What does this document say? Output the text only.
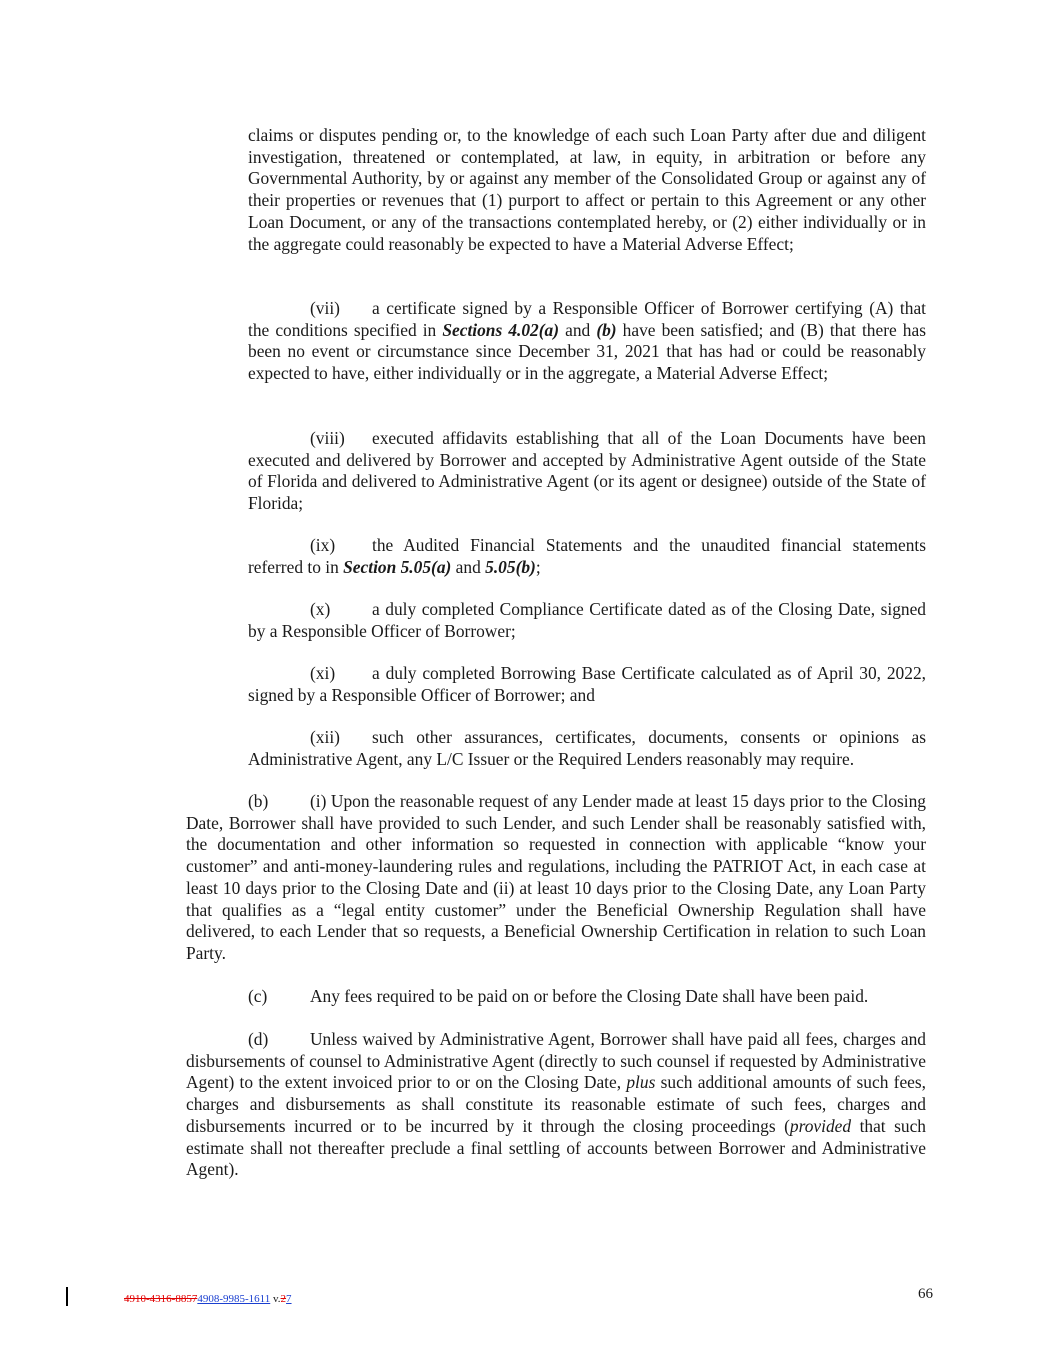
claims or disputes pending or, to the knowledge of each such Loan Party after due and diligent investigation, threatened or contemplated, at law, in equity, in arbitration or before any Governmental Authority, by or against any member of the Consolidated Group or against any of their properties or revenues that (1) purport to affect or pertain to this Agreement or any other Loan Document, or any of the transactions contemplated hereby, or (2) either individually or in the aggregate could reasonably be expected to have a Material Adverse Effect;

(vii) a certificate signed by a Responsible Officer of Borrower certifying (A) that the conditions specified in Sections 4.02(a) and (b) have been satisfied; and (B) that there has been no event or circumstance since December 31, 2021 that has had or could be reasonably expected to have, either individually or in the aggregate, a Material Adverse Effect;

(viii) executed affidavits establishing that all of the Loan Documents have been executed and delivered by Borrower and accepted by Administrative Agent outside of the State of Florida and delivered to Administrative Agent (or its agent or designee) outside of the State of Florida;

(ix) the Audited Financial Statements and the unaudited financial statements referred to in Section 5.05(a) and 5.05(b);

(x) a duly completed Compliance Certificate dated as of the Closing Date, signed by a Responsible Officer of Borrower;

(xi) a duly completed Borrowing Base Certificate calculated as of April 30, 2022, signed by a Responsible Officer of Borrower; and

(xii) such other assurances, certificates, documents, consents or opinions as Administrative Agent, any L/C Issuer or the Required Lenders reasonably may require.

(b) (i) Upon the reasonable request of any Lender made at least 15 days prior to the Closing Date, Borrower shall have provided to such Lender, and such Lender shall be reasonably satisfied with, the documentation and other information so requested in connection with applicable “know your customer” and anti-money-laundering rules and regulations, including the PATRIOT Act, in each case at least 10 days prior to the Closing Date and (ii) at least 10 days prior to the Closing Date, any Loan Party that qualifies as a “legal entity customer” under the Beneficial Ownership Regulation shall have delivered, to each Lender that so requests, a Beneficial Ownership Certification in relation to such Loan Party.

(c) Any fees required to be paid on or before the Closing Date shall have been paid.

(d) Unless waived by Administrative Agent, Borrower shall have paid all fees, charges and disbursements of counsel to Administrative Agent (directly to such counsel if requested by Administrative Agent) to the extent invoiced prior to or on the Closing Date, plus such additional amounts of such fees, charges and disbursements as shall constitute its reasonable estimate of such fees, charges and disbursements incurred or to be incurred by it through the closing proceedings (provided that such estimate shall not thereafter preclude a final settling of accounts between Borrower and Administrative Agent).

4910-4316-88574908-9985-1611 v.27	66
